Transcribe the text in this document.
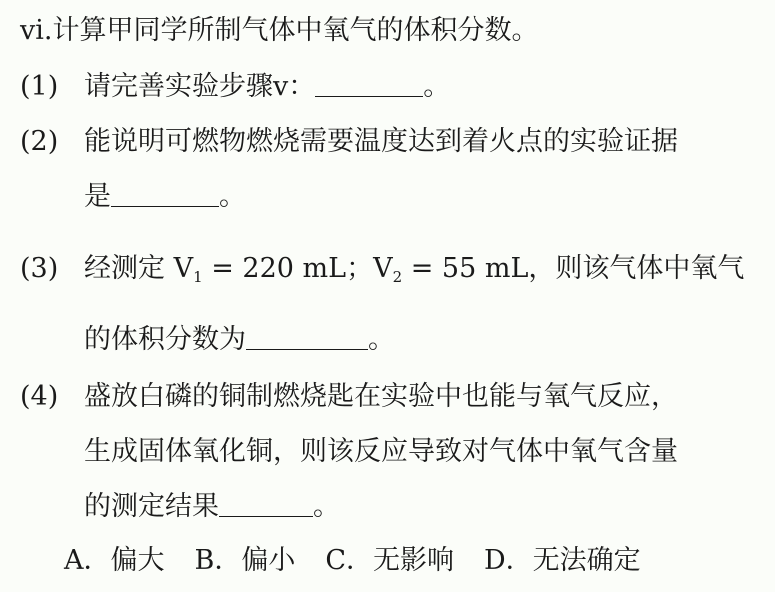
vi.计算甲同学所制气体中氧气的体积分数。
(1) 请完善实验步骤v：	。
(2) 能说明可燃物燃烧需要温度达到着火点的实验证据
是	。
(3) 经测定 $V_1 = 220$ mL；$V_2 = 55$ mL，则该气体中氧气
的体积分数为	。
(4) 盛放白磷的铜制燃烧匙在实验中也能与氧气反应，
生成固体氧化铜，则该反应导致对气体中氧气含量
的测定结果	。
A．偏大 B．偏小 C．无影响 D．无法确定
